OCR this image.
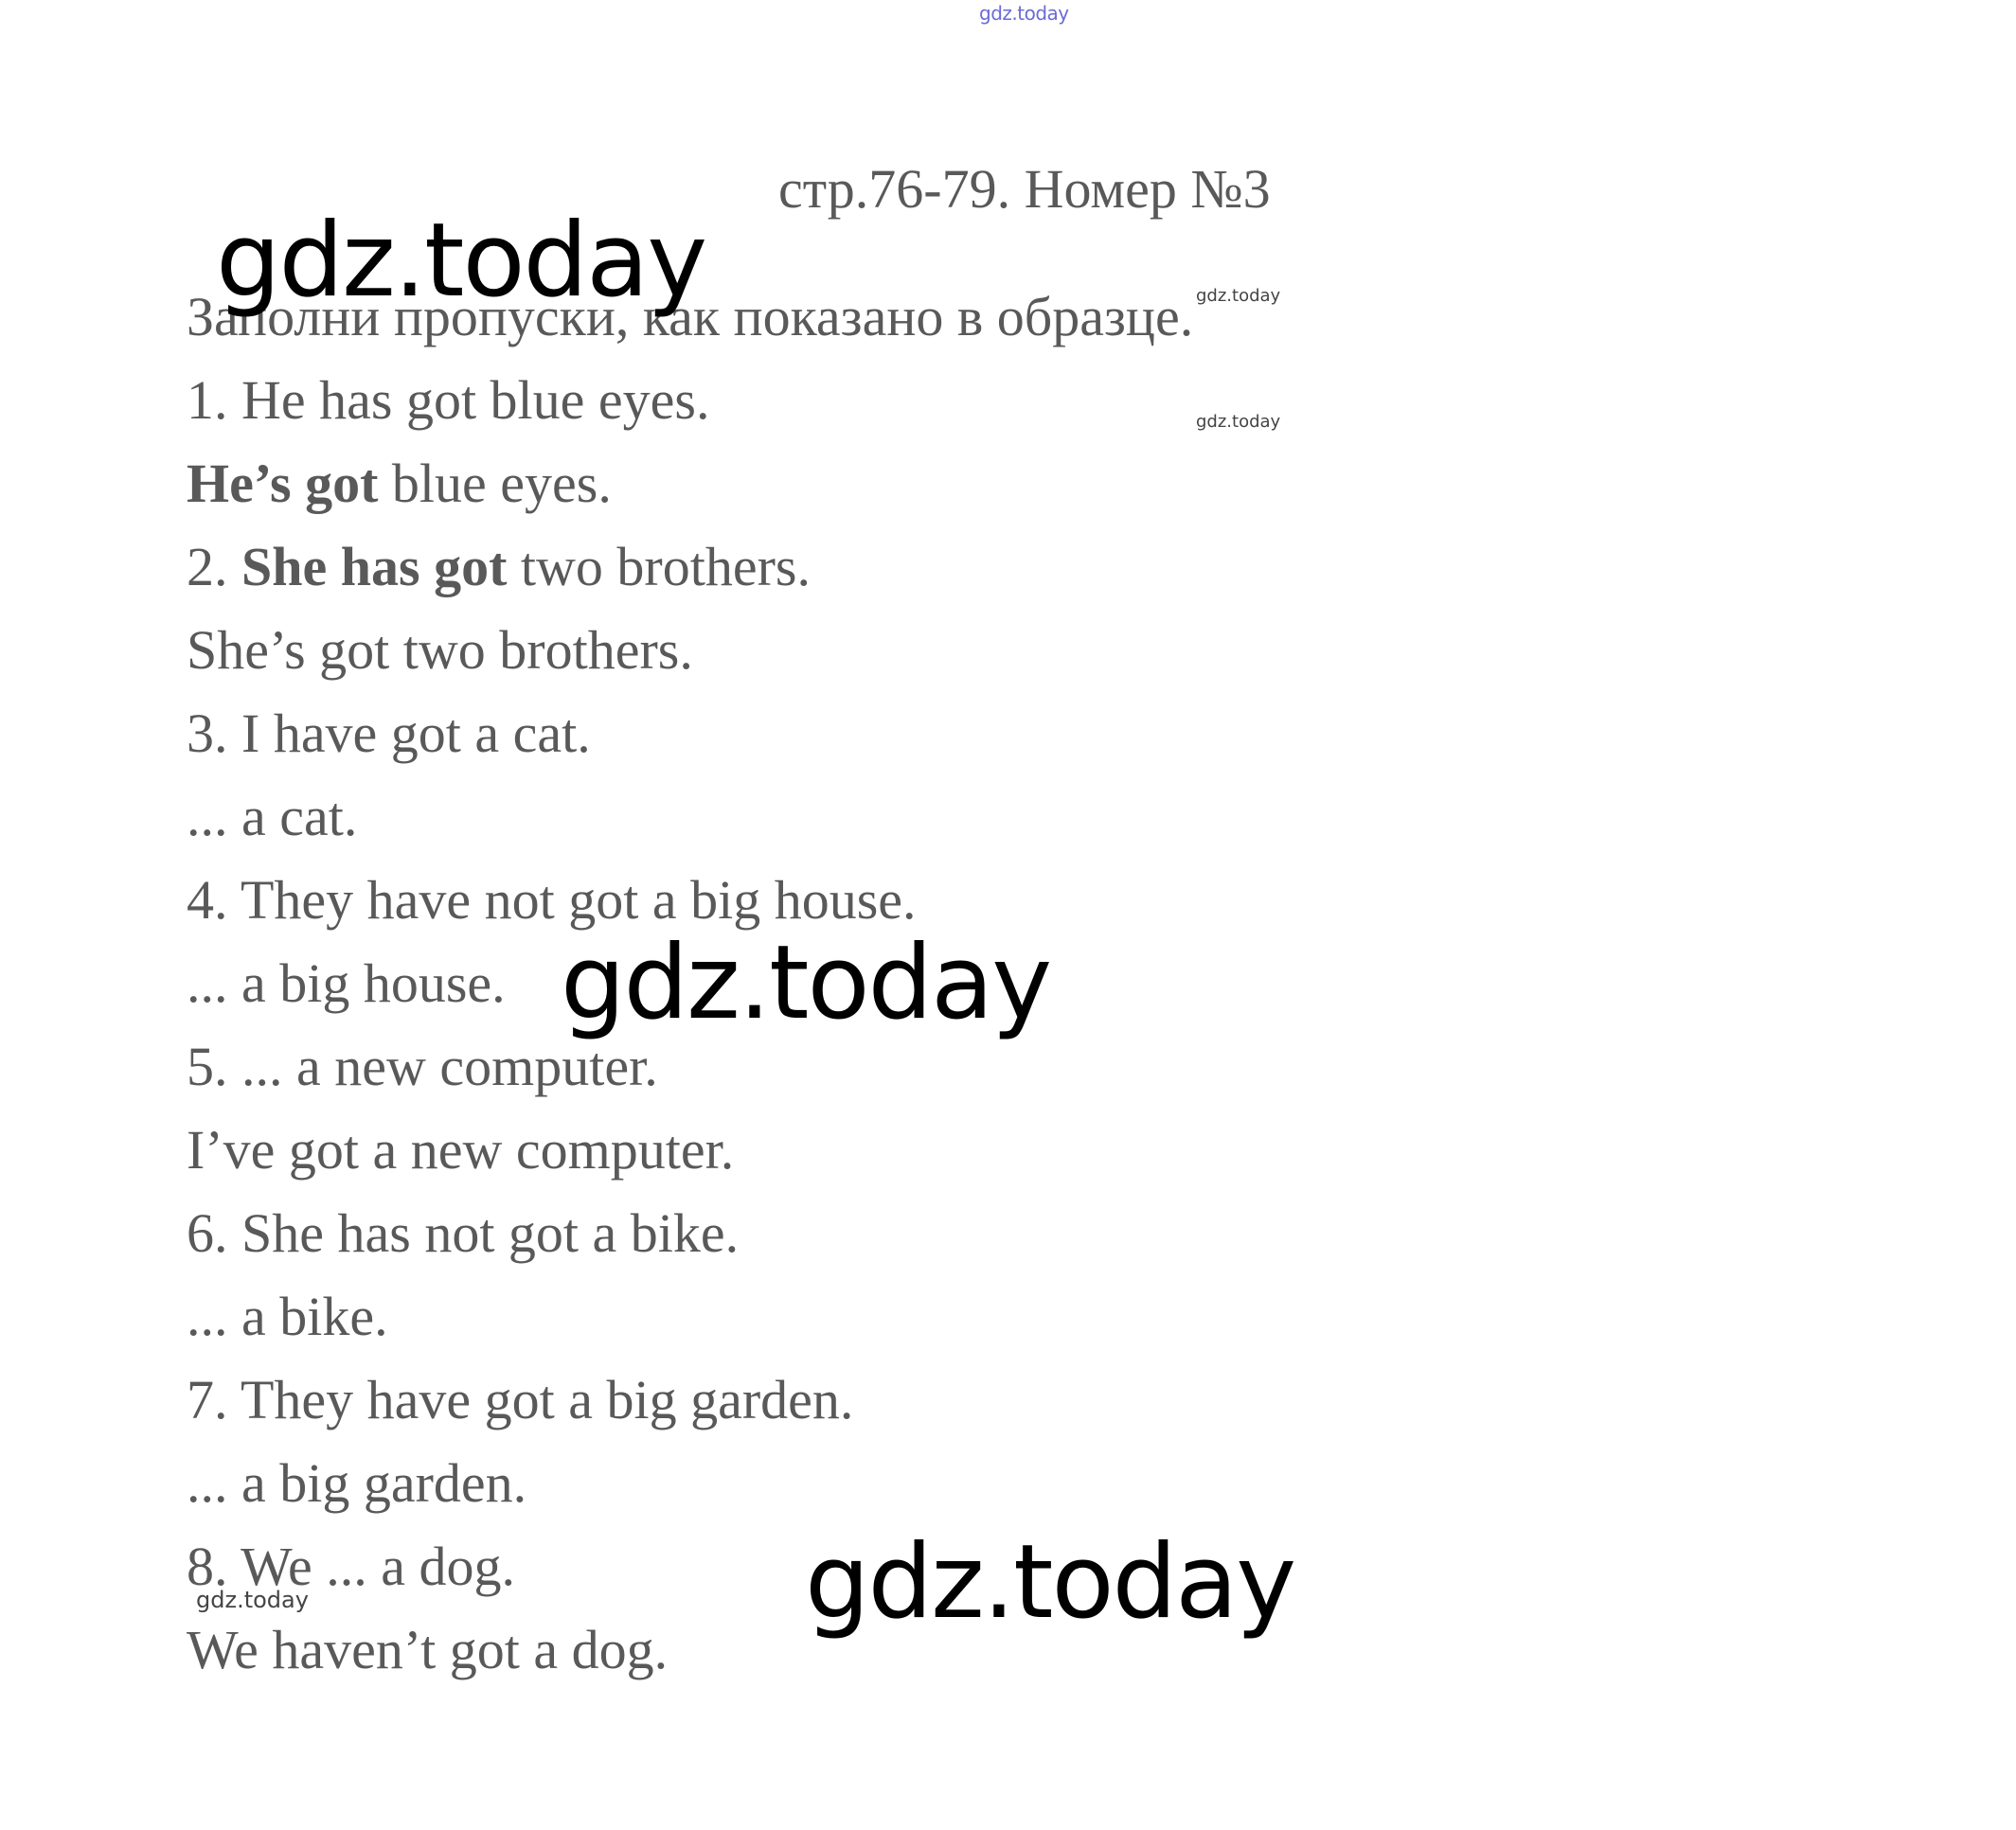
gdz.today
стр.76-79. Номер №3
Заполни пропуски, как показано в образце.
1. He has got blue eyes.
He’s got blue eyes.
2. She has got two brothers.
She’s got two brothers.
3. I have got a cat.
... a cat.
4. They have not got a big house.
... a big house.
5. ... a new computer.
I’ve got a new computer.
6. She has not got a bike.
... a bike.
7. They have got a big garden.
... a big garden.
8. We ... a dog.
We haven’t got a dog.
gdz.today
gdz.today
gdz.today
gdz.today
gdz.today
gdz.today
